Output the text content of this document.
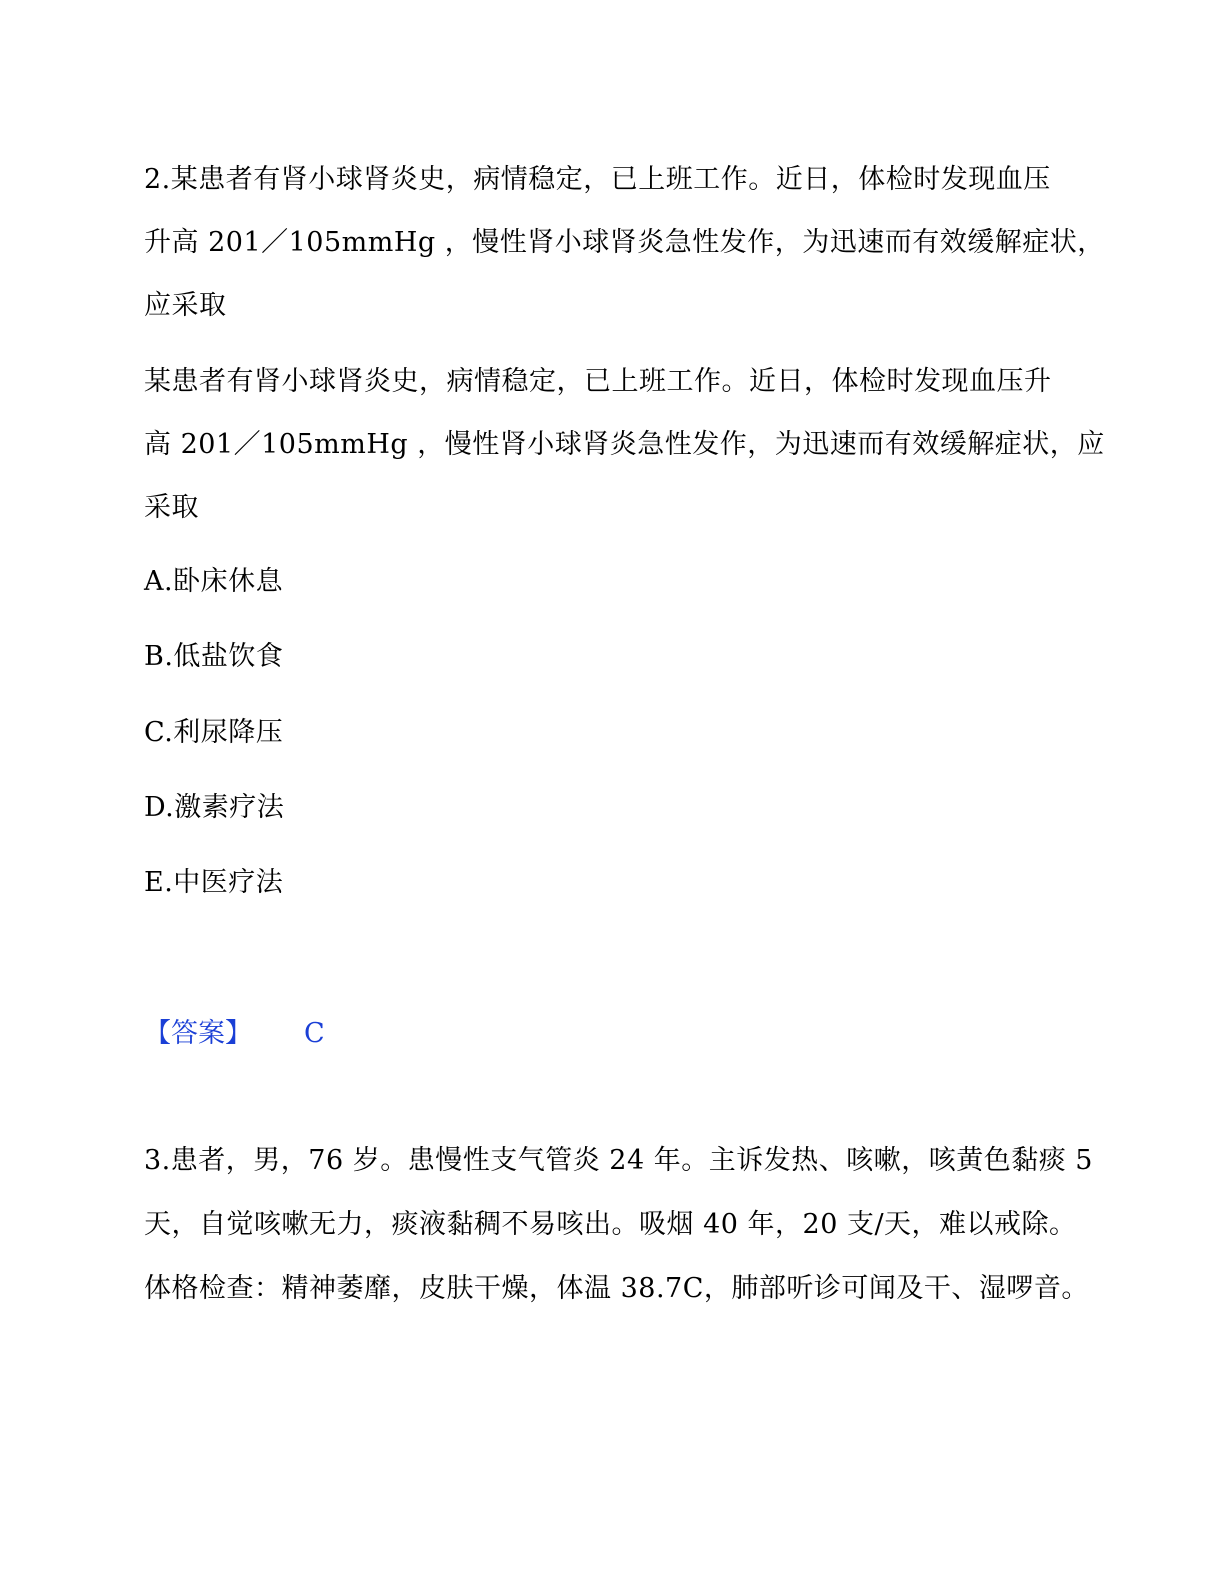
2.某患者有肾小球肾炎史，病情稳定，已上班工作。近日，体检时发现血压
升高 201／105mmHg ，慢性肾小球肾炎急性发作，为迅速而有效缓解症状，
应采取
某患者有肾小球肾炎史，病情稳定，已上班工作。近日，体检时发现血压升
高 201／105mmHg ，慢性肾小球肾炎急性发作，为迅速而有效缓解症状，应
采取
A.卧床休息
B.低盐饮食
C.利尿降压
D.激素疗法
E.中医疗法
【答案】 C
3.患者，男，76 岁。患慢性支气管炎 24 年。主诉发热、咳嗽，咳黄色黏痰 5
天，自觉咳嗽无力，痰液黏稠不易咳出。吸烟 40 年，20 支/天，难以戒除。
体格检查：精神萎靡，皮肤干燥，体温 38.7C，肺部听诊可闻及干、湿啰音。
